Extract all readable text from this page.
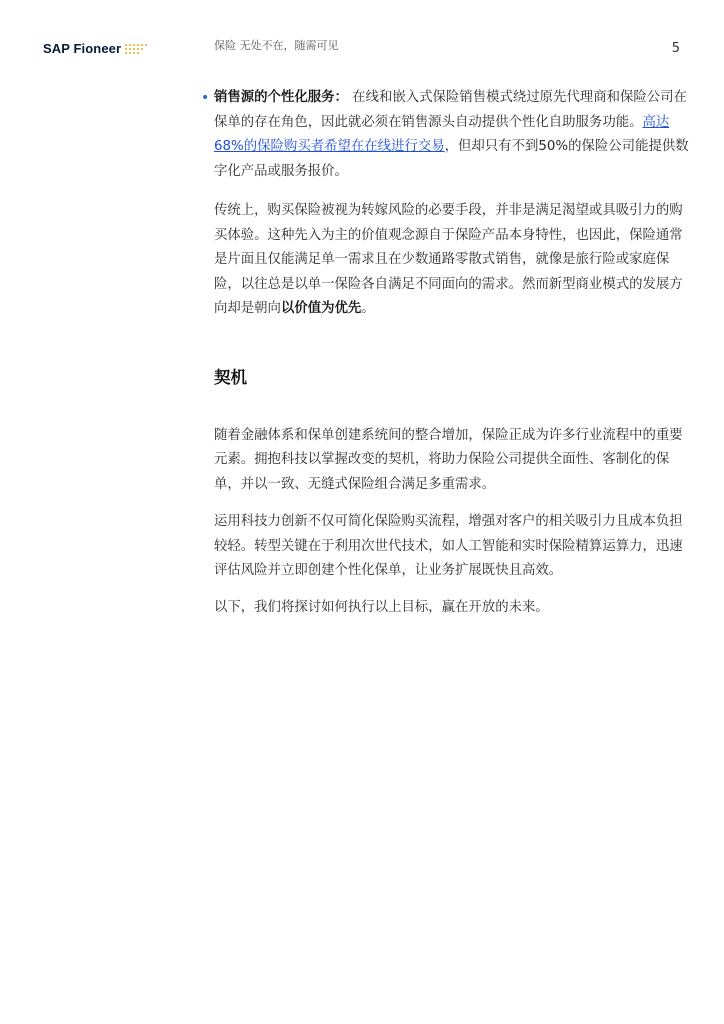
SAP Fioneer	保险 无处不在，随需可见	5

• 销售源的个性化服务： 在线和嵌入式保险销售模式绕过原先代理商和保险公司在保单的存在角色，因此就必须在销售源头自动提供个性化自助服务功能。高达68%的保险购买者希望在在线进行交易，但却只有不到50%的保险公司能提供数字化产品或服务报价。

传统上，购买保险被视为转嫁风险的必要手段，并非是满足渴望或具吸引力的购买体验。这种先入为主的价值观念源自于保险产品本身特性，也因此，保险通常是片面且仅能满足单一需求且在少数通路零散式销售，就像是旅行险或家庭保险，以往总是以单一保险各自满足不同面向的需求。然而新型商业模式的发展方向却是朝向以价值为优先。

契机

随着金融体系和保单创建系统间的整合增加，保险正成为许多行业流程中的重要元素。拥抱科技以掌握改变的契机，将助力保险公司提供全面性、客制化的保单，并以一致、无缝式保险组合满足多重需求。

运用科技力创新不仅可简化保险购买流程，增强对客户的相关吸引力且成本负担较轻。转型关键在于利用次世代技术，如人工智能和实时保险精算运算力，迅速评估风险并立即创建个性化保单，让业务扩展既快且高效。

以下，我们将探讨如何执行以上目标，赢在开放的未来。
